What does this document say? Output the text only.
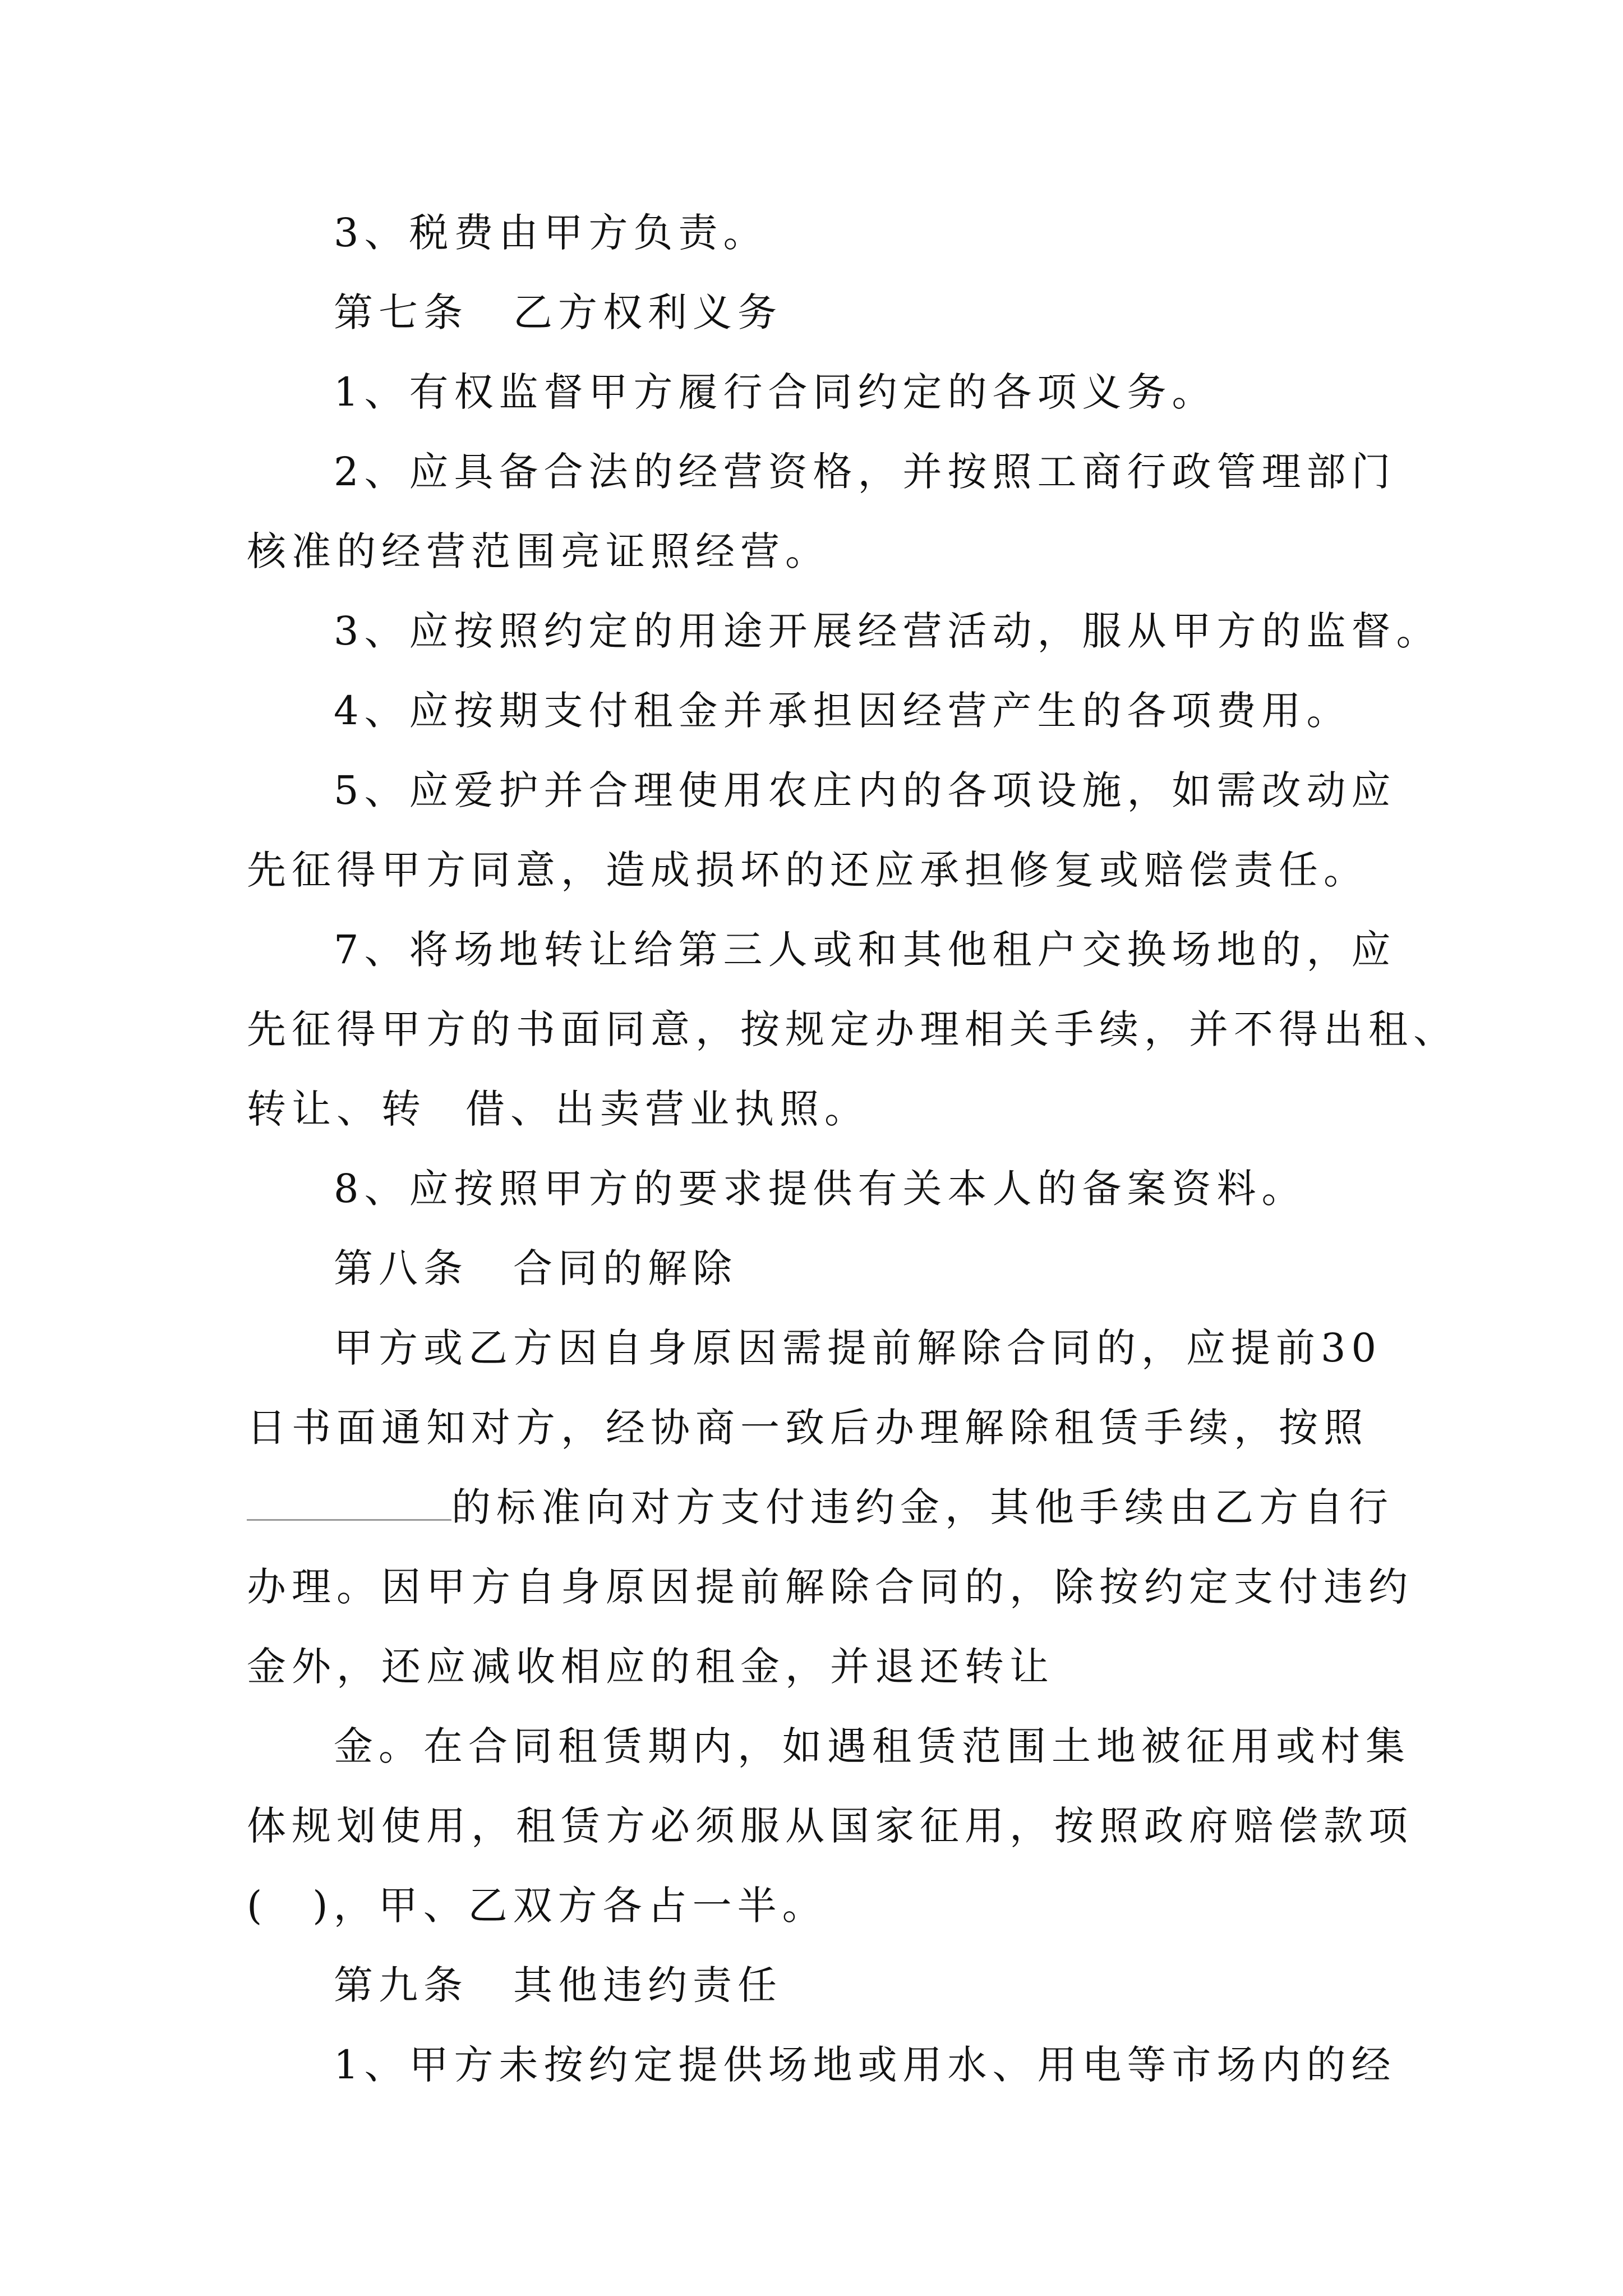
3、税费由甲方负责。
第七条　乙方权利义务
1、有权监督甲方履行合同约定的各项义务。
2、应具备合法的经营资格，并按照工商行政管理部门
核准的经营范围亮证照经营。
3、应按照约定的用途开展经营活动，服从甲方的监督。
4、应按期支付租金并承担因经营产生的各项费用。
5、应爱护并合理使用农庄内的各项设施，如需改动应
先征得甲方同意，造成损坏的还应承担修复或赔偿责任。
7、将场地转让给第三人或和其他租户交换场地的，应
先征得甲方的书面同意，按规定办理相关手续，并不得出租、
转让、转 借、出卖营业执照。
8、应按照甲方的要求提供有关本人的备案资料。
第八条　合同的解除
甲方或乙方因自身原因需提前解除合同的，应提前30
日书面通知对方，经协商一致后办理解除租赁手续，按照
的标准向对方支付违约金，其他手续由乙方自行
办理。因甲方自身原因提前解除合同的，除按约定支付违约
金外，还应减收相应的租金，并退还转让
金。在合同租赁期内，如遇租赁范围土地被征用或村集
体规划使用，租赁方必须服从国家征用，按照政府赔偿款项
(　)，甲、乙双方各占一半。
第九条　其他违约责任
1、甲方未按约定提供场地或用水、用电等市场内的经
